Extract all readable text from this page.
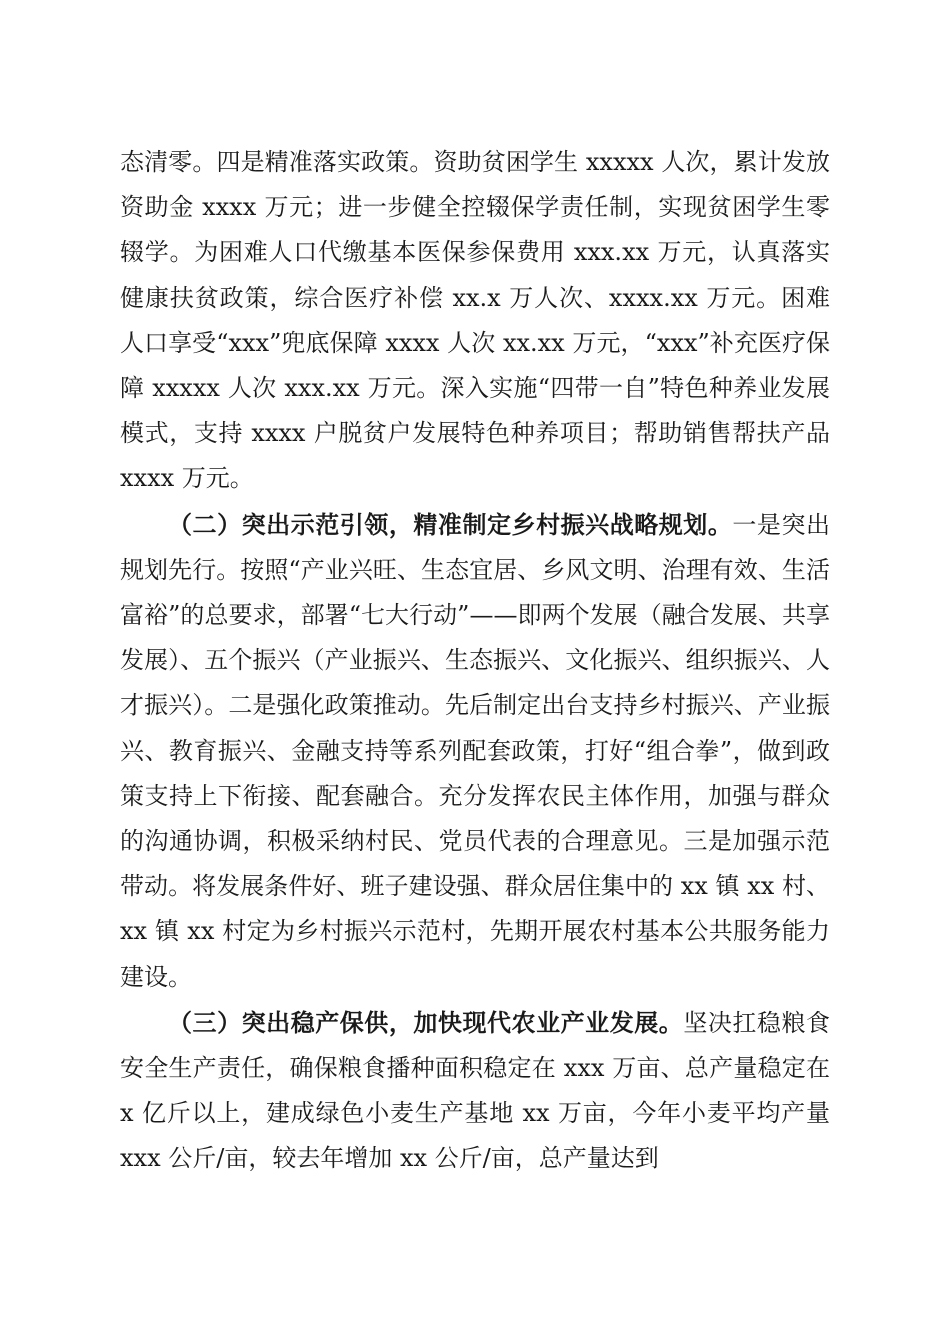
态清零。四是精准落实政策。资助贫困学生 xxxxx 人次，累计发放资助金 xxxx 万元；进一步健全控辍保学责任制，实现贫困学生零辍学。为困难人口代缴基本医保参保费用 xxx.xx 万元，认真落实健康扶贫政策，综合医疗补偿 xx.x 万人次、xxxx.xx 万元。困难人口享受“xxx”兜底保障 xxxx 人次 xx.xx 万元，“xxx”补充医疗保障 xxxxx 人次 xxx.xx 万元。深入实施“四带一自”特色种养业发展模式，支持 xxxx 户脱贫户发展特色种养项目；帮助销售帮扶产品 xxxx 万元。

（二）突出示范引领，精准制定乡村振兴战略规划。一是突出规划先行。按照“产业兴旺、生态宜居、乡风文明、治理有效、生活富裕”的总要求，部署“七大行动”——即两个发展（融合发展、共享发展）、五个振兴（产业振兴、生态振兴、文化振兴、组织振兴、人才振兴）。二是强化政策推动。先后制定出台支持乡村振兴、产业振兴、教育振兴、金融支持等系列配套政策，打好“组合拳”，做到政策支持上下衔接、配套融合。充分发挥农民主体作用，加强与群众的沟通协调，积极采纳村民、党员代表的合理意见。三是加强示范带动。将发展条件好、班子建设强、群众居住集中的 xx 镇 xx 村、xx 镇 xx 村定为乡村振兴示范村，先期开展农村基本公共服务能力建设。

（三）突出稳产保供，加快现代农业产业发展。坚决扛稳粮食安全生产责任，确保粮食播种面积稳定在 xxx 万亩、总产量稳定在 x 亿斤以上，建成绿色小麦生产基地 xx 万亩，今年小麦平均产量 xxx 公斤/亩，较去年增加 xx 公斤/亩，总产量达到
